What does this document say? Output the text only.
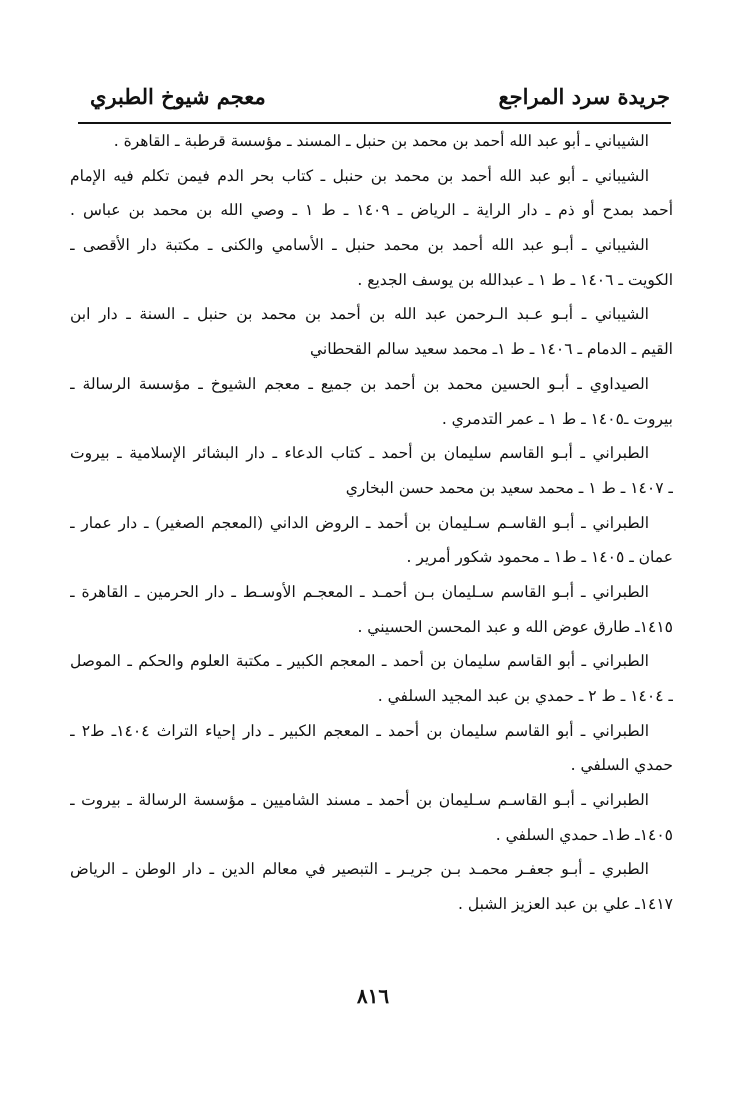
جريدة سرد المراجع
معجم شيوخ الطبري
الشيباني ـ أبو عبد الله أحمد بن محمد بن حنبل ـ المسند ـ مؤسسة قرطبة ـ القاهرة .
الشيباني ـ أبو عبد الله أحمد بن محمد بن حنبل ـ كتاب بحر الدم فيمن تكلم فيه الإمام
أحمد بمدح أو ذم ـ دار الراية ـ الرياض ـ ١٤٠٩ ـ ط ١ ـ وصي الله بن محمد بن عباس .
الشيباني ـ أبـو عبد الله أحمد بن محمد حنبل ـ الأسامي والكنى ـ مكتبة دار الأقصى ـ
الكويت ـ ١٤٠٦ ـ ط ١ ـ عبدالله بن يوسف الجديع .
الشيباني ـ أبـو عـبد الـرحمن عبد الله بن أحمد بن محمد بن حنبل ـ السنة ـ دار ابن
القيم ـ الدمام ـ ١٤٠٦ ـ ط ١ـ محمد سعيد سالم القحطاني
الصيداوي ـ أبـو الحسين محمد بن أحمد بن جميع ـ معجم الشيوخ ـ مؤسسة الرسالة ـ
بيروت ـ١٤٠٥ ـ ط ١ ـ عمر التدمري .
الطبراني ـ أبـو القاسم سليمان بن أحمد ـ كتاب الدعاء ـ دار البشائر الإسلامية ـ بيروت
ـ ١٤٠٧ ـ ط ١ ـ محمد سعيد بن محمد حسن البخاري
الطبراني ـ أبـو القاسـم سـليمان بن أحمد ـ الروض الداني (المعجم الصغير) ـ دار عمار ـ
عمان ـ ١٤٠٥ ـ ط١ ـ محمود شكور أمرير .
الطبراني ـ أبـو القاسم سـليمان بـن أحمـد ـ المعجـم الأوسـط ـ دار الحرمين ـ القاهرة ـ
١٤١٥ـ طارق عوض الله و عبد المحسن الحسيني .
الطبراني ـ أبو القاسم سليمان بن أحمد ـ المعجم الكبير ـ مكتبة العلوم والحكم ـ الموصل
ـ ١٤٠٤ ـ ط ٢ ـ حمدي بن عبد المجيد السلفي .
الطبراني ـ أبو القاسم سليمان بن أحمد ـ المعجم الكبير ـ دار إحياء التراث ١٤٠٤ـ ط٢ ـ
حمدي السلفي .
الطبراني ـ أبـو القاسـم سـليمان بن أحمد ـ مسند الشاميين ـ مؤسسة الرسالة ـ بيروت ـ
١٤٠٥ـ ط١ـ حمدي السلفي .
الطبري ـ أبـو جعفـر محمـد بـن جريـر ـ التبصير في معالم الدين ـ دار الوطن ـ الرياض
١٤١٧ـ علي بن عبد العزيز الشبل .
٨١٦
